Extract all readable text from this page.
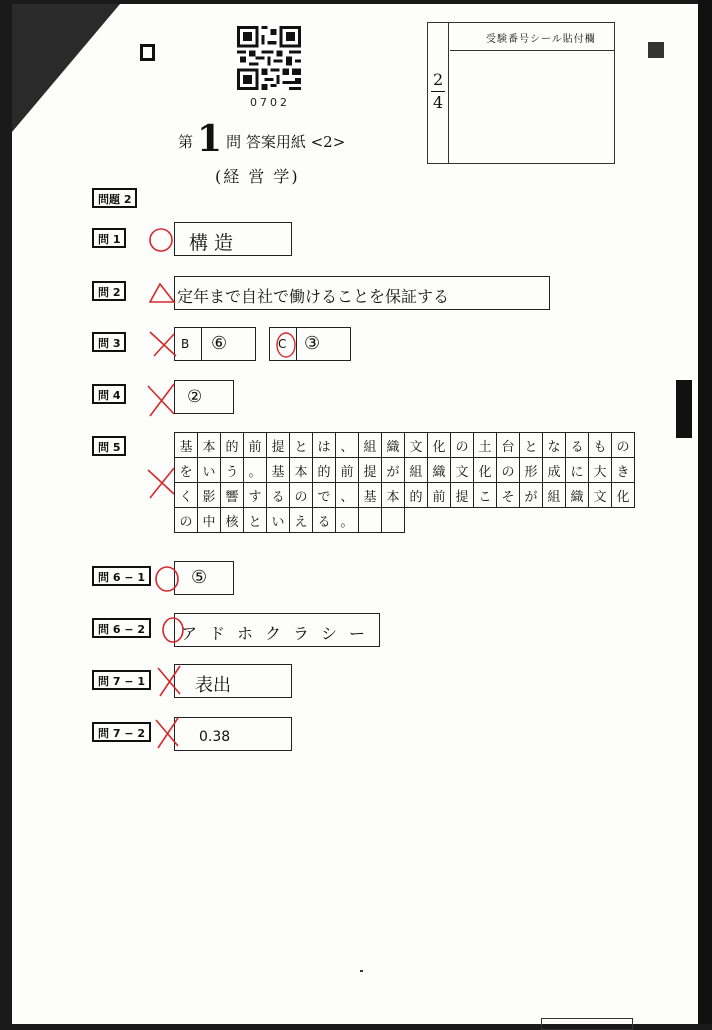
0702
第 1 問 答案用紙 <2>
(経 営 学)
2
4
受験番号シール貼付欄
問題 2
問 1	構 造
問 2	定年まで自社で働けることを保証する
問 3	B ⑥	C ③
問 4	②
問 5	基	本	的	前	提	と	は	、	組	織	文	化	の	土	台	と	な	る	も	の
を	い	う	。	基	本	的	前	提	が	組	織	文	化	の	形	成	に	大	き
く	影	響	す	る	の	で	、	基	本	的	前	提	こ	そ	が	組	織	文	化
の	中	核	と	い	え	る	。												
問 6 − 1	⑤
問 6 − 2	アドホクラシー
問 7 − 1	表出
問 7 − 2	0.38
